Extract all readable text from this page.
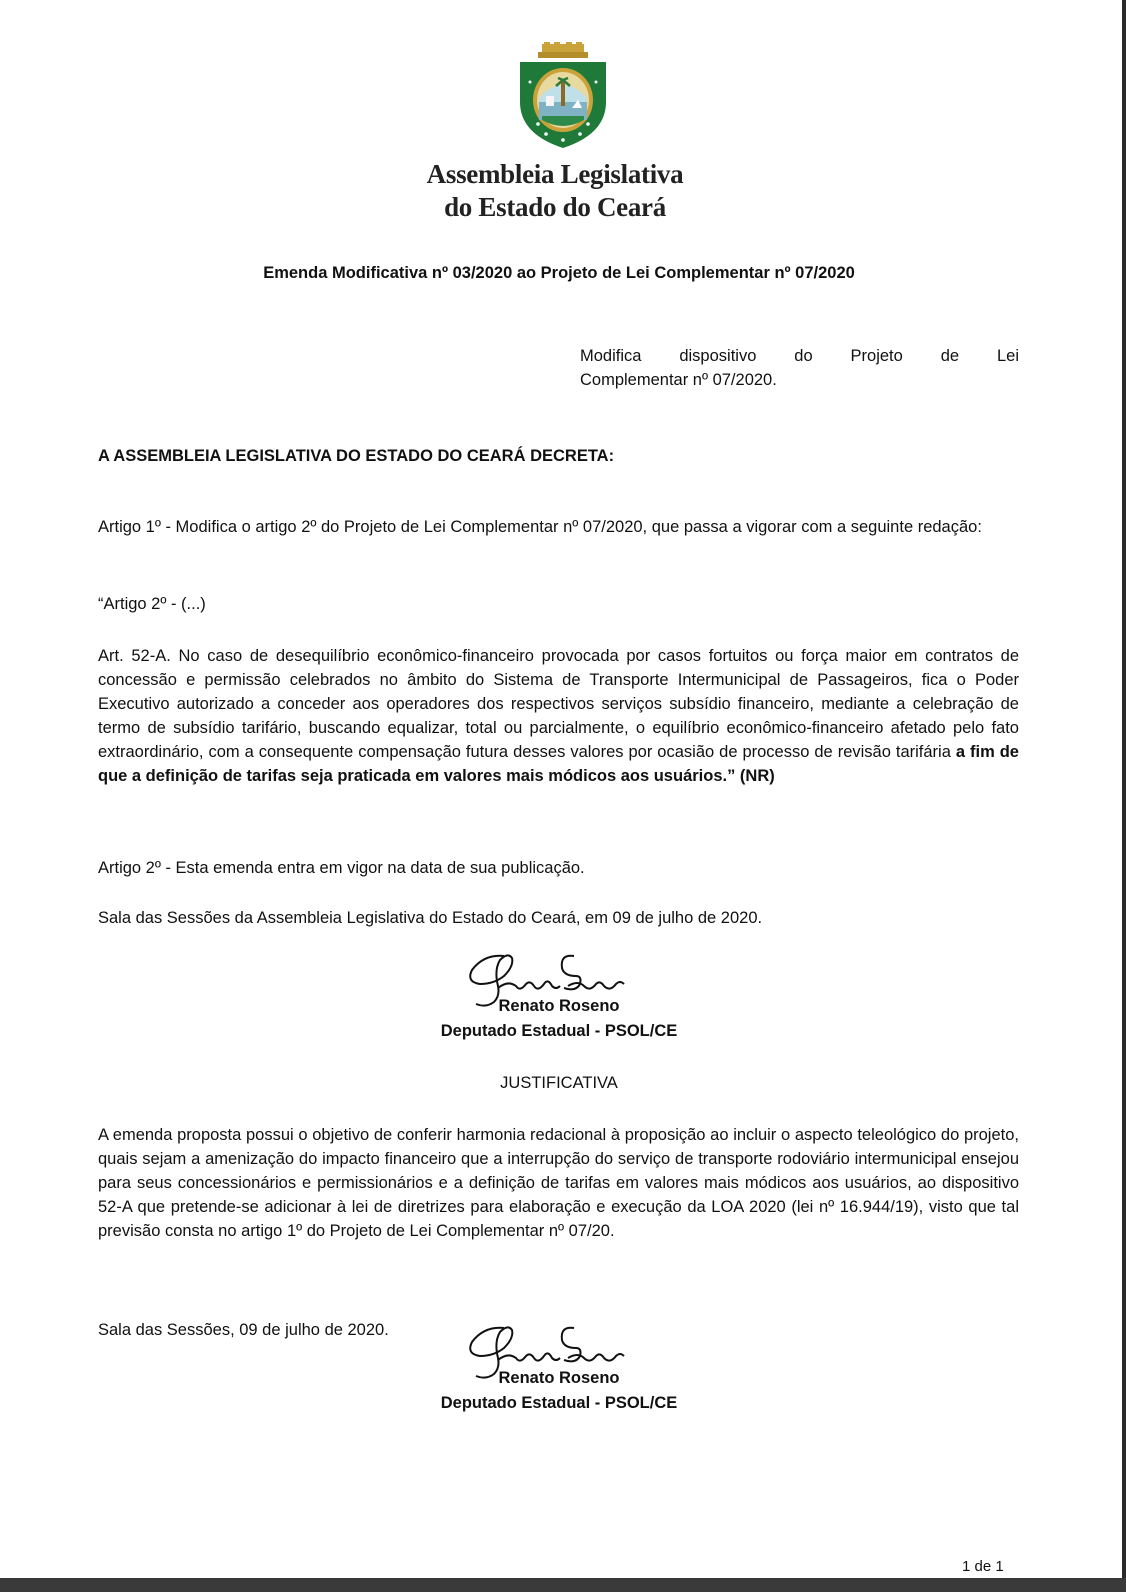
Assembleia Legislativa
do Estado do Ceará
Emenda Modificativa nº 03/2020 ao Projeto de Lei Complementar nº 07/2020
Modifica dispositivo do Projeto de Lei
Complementar nº 07/2020.
A ASSEMBLEIA LEGISLATIVA DO ESTADO DO CEARÁ DECRETA:
Artigo 1º - Modifica o artigo 2º do Projeto de Lei Complementar nº 07/2020, que passa a vigorar com a seguinte redação:
“Artigo 2º - (...)
Art. 52-A. No caso de desequilíbrio econômico-financeiro provocada por casos fortuitos ou força maior em contratos de concessão e permissão celebrados no âmbito do Sistema de Transporte Intermunicipal de Passageiros, fica o Poder Executivo autorizado a conceder aos operadores dos respectivos serviços subsídio financeiro, mediante a celebração de termo de subsídio tarifário, buscando equalizar, total ou parcialmente, o equilíbrio econômico-financeiro afetado pelo fato extraordinário, com a consequente compensação futura desses valores por ocasião de processo de revisão tarifária a fim de que a definição de tarifas seja praticada em valores mais módicos aos usuários.” (NR)
Artigo 2º - Esta emenda entra em vigor na data de sua publicação.
Sala das Sessões da Assembleia Legislativa do Estado do Ceará, em 09 de julho de 2020.
Renato Roseno
Deputado Estadual - PSOL/CE
JUSTIFICATIVA
A emenda proposta possui o objetivo de conferir harmonia redacional à proposição ao incluir o aspecto teleológico do projeto, quais sejam a amenização do impacto financeiro que a interrupção do serviço de transporte rodoviário intermunicipal ensejou para seus concessionários e permissionários e a definição de tarifas em valores mais módicos aos usuários, ao dispositivo 52-A que pretende-se adicionar à lei de diretrizes para elaboração e execução da LOA 2020 (lei nº 16.944/19), visto que tal previsão consta no artigo 1º do Projeto de Lei Complementar nº 07/20.
Sala das Sessões, 09 de julho de 2020.
Renato Roseno
Deputado Estadual - PSOL/CE
1 de 1
